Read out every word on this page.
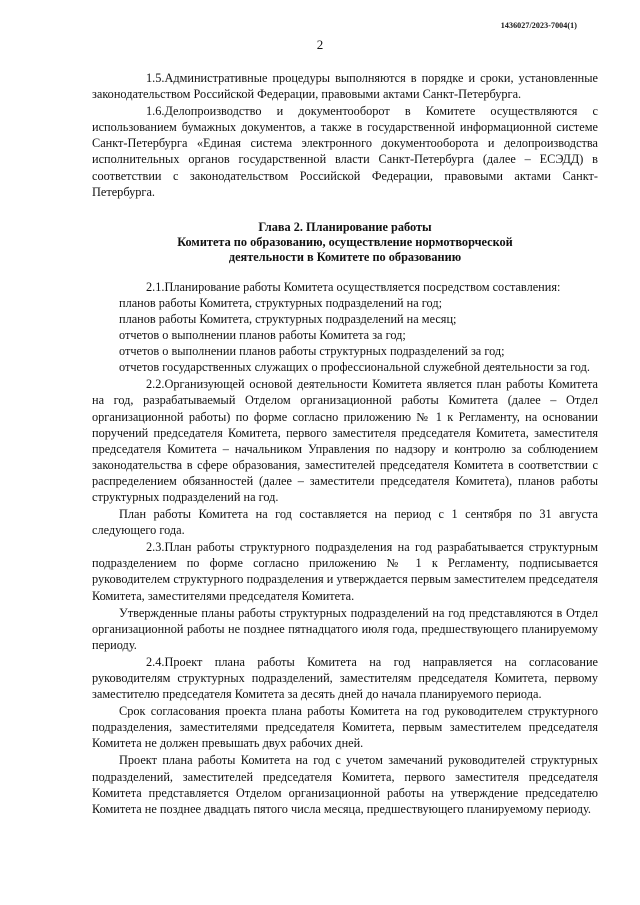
1436027/2023-7004(1)
2

1.5.Административные процедуры выполняются в порядке и сроки, установленные законодательством Российской Федерации, правовыми актами Санкт-Петербурга.

1.6.Делопроизводство и документооборот в Комитете осуществляются с использованием бумажных документов, а также в государственной информационной системе Санкт-Петербурга «Единая система электронного документооборота и делопроизводства исполнительных органов государственной власти Санкт-Петербурга (далее – ЕСЭДД) в соответствии с законодательством Российской Федерации, правовыми актами Санкт-Петербурга.

Глава 2. Планирование работы
Комитета по образованию, осуществление нормотворческой
деятельности в Комитете по образованию

2.1.Планирование работы Комитета осуществляется посредством составления:

планов работы Комитета, структурных подразделений на год;

планов работы Комитета, структурных подразделений на месяц;

отчетов о выполнении планов работы Комитета за год;

отчетов о выполнении планов работы структурных подразделений за год;

отчетов государственных служащих о профессиональной служебной деятельности за год.

2.2.Организующей основой деятельности Комитета является план работы Комитета на год, разрабатываемый Отделом организационной работы Комитета (далее – Отдел организационной работы) по форме согласно приложению № 1 к Регламенту, на основании поручений председателя Комитета, первого заместителя председателя Комитета, заместителя председателя Комитета – начальником Управления по надзору и контролю за соблюдением законодательства в сфере образования, заместителей председателя Комитета в соответствии с распределением обязанностей (далее – заместители председателя Комитета), планов работы структурных подразделений на год.

План работы Комитета на год составляется на период с 1 сентября по 31 августа следующего года.

2.3.План работы структурного подразделения на год разрабатывается структурным подразделением по форме согласно приложению № 1 к Регламенту, подписывается руководителем структурного подразделения и утверждается первым заместителем председателя Комитета, заместителями председателя Комитета.

Утвержденные планы работы структурных подразделений на год представляются в Отдел организационной работы не позднее пятнадцатого июля года, предшествующего планируемому периоду.

2.4.Проект плана работы Комитета на год направляется на согласование руководителям структурных подразделений, заместителям председателя Комитета, первому заместителю председателя Комитета за десять дней до начала планируемого периода.

Срок согласования проекта плана работы Комитета на год руководителем структурного подразделения, заместителями председателя Комитета, первым заместителем председателя Комитета не должен превышать двух рабочих дней.

Проект плана работы Комитета на год с учетом замечаний руководителей структурных подразделений, заместителей председателя Комитета, первого заместителя председателя Комитета представляется Отделом организационной работы на утверждение председателю Комитета не позднее двадцать пятого числа месяца, предшествующего планируемому периоду.
